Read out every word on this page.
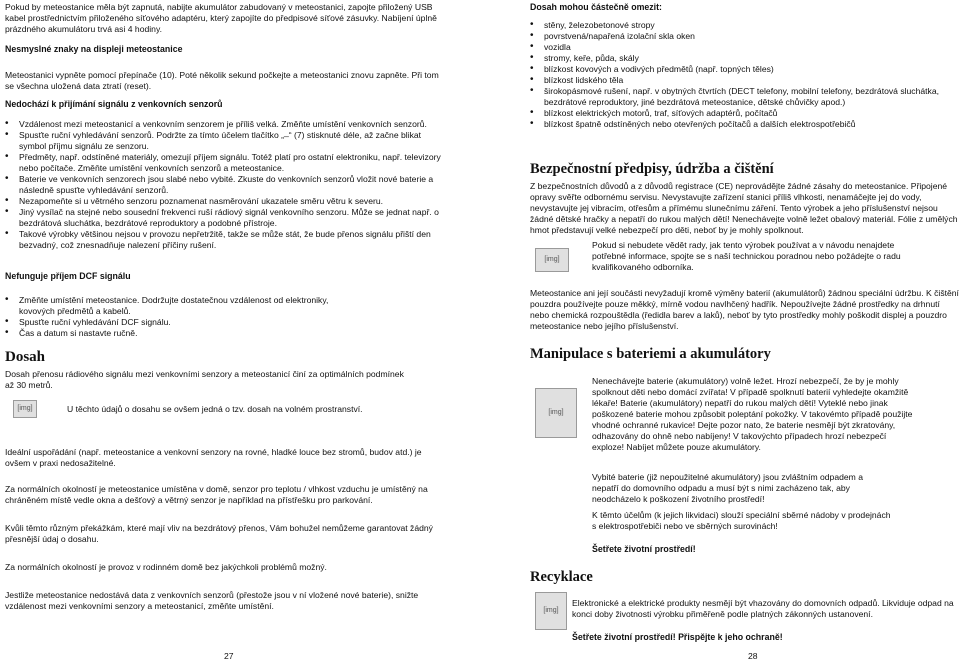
Pokud by meteostanice měla být zapnutá, nabijte akumulátor zabudovaný v meteostanici, zapojte přiložený USB kabel prostřednictvím přiloženého síťového adaptéru, který zapojíte do předpisové síťové zásuvky. Nabíjení úplně prázdného akumulátoru trvá asi 4 hodiny.

Nesmyslné znaky na displeji meteostanice

Meteostanici vypněte pomocí přepínače (10). Poté několik sekund počkejte a meteostanici znovu zapněte. Při tom se všechna uložená data ztratí (reset).

Nedochází k přijímání signálu z venkovních senzorů

• Vzdálenost mezi meteostanicí a venkovním senzorem je příliš velká. Změňte umístění venkovních senzorů.
• Spusťte ruční vyhledávání senzorů. Podržte za tímto účelem tlačítko „ ̶ “ (7) stisknuté déle, až začne blikat symbol příjmu signálu ze senzoru.
• Předměty, např. odstíněné materiály, omezují příjem signálu. Totéž platí pro ostatní elektroniku, např. televizory nebo počítače. Změňte umístění venkovních senzorů a meteostanice.
• Baterie ve venkovních senzorech jsou slabé nebo vybité. Zkuste do venkovních senzorů vložit nové baterie a následně spusťte vyhledávání senzorů.
• Nezapomeňte si u větrného senzoru poznamenat nasměrování ukazatele směru větru k severu.
• Jiný vysílač na stejné nebo sousední frekvenci ruší rádiový signál venkovního senzoru. Může se jednat např. o bezdrátová sluchátka, bezdrátové reproduktory a podobné přístroje.
• Takové výrobky většinou nejsou v provozu nepřetržitě, takže se může stát, že bude přenos signálu přiští den bezvadný, což znesnadňuje nalezení příčiny rušení.

Nefunguje příjem DCF signálu

• Změňte umístění meteostanice. Dodržujte dostatečnou vzdálenost od elektroniky, kovových předmětů a kabelů.
• Spusťte ruční vyhledávání DCF signálu.
• Čas a datum si nastavte ručně.

Dosah

Dosah přenosu rádiového signálu mezi venkovními senzory a meteostanicí činí za optimálních podmínek až 30 metrů.

[img]	U těchto údajů o dosahu se ovšem jedná o tzv. dosah na volném prostranství.

Ideální uspořádání (např. meteostanice a venkovní senzory na rovné, hladké louce bez stromů, budov atd.) je ovšem v praxi nedosažitelné.

Za normálních okolností je meteostanice umístěna v domě, senzor pro teplotu / vlhkost vzduchu je umístěný na chráněném místě vedle okna a dešťový a větrný senzor je například na přístřešku pro parkování.

Kvůli těmto různým překážkám, které mají vliv na bezdrátový přenos, Vám bohužel nemůžeme garantovat žádný přesnější údaj o dosahu.

Za normálních okolností je provoz v rodinném domě bez jakýchkoli problémů možný.

Jestliže meteostanice nedostává data z venkovních senzorů (přestože jsou v ní vložené nové baterie), snižte vzdálenost mezi venkovními senzory a meteostanicí, změňte umístění.

27

Dosah mohou částečně omezit:

• stěny, železobetonové stropy
• povrstvená/napařená izolační skla oken
• vozidla
• stromy, keře, půda, skály
• blízkost kovových a vodivých předmětů (např. topných těles)
• blízkost lidského těla
• širokopásmové rušení, např. v obytných čtvrtích (DECT telefony, mobilní telefony, bezdrátová sluchátka, bezdrátové reproduktory, jiné bezdrátová meteostanice, dětské chůvičky apod.)
• blízkost elektrických motorů, traf, síťových adaptérů, počítačů
• blízkost špatně odstíněných nebo otevřených počítačů a dalších elektrospotřebičů

Bezpečnostní předpisy, údržba a čištění

Z bezpečnostních důvodů a z důvodů registrace (CE) neprovádějte žádné zásahy do meteostanice. Připojené opravy svěřte odbornému servisu. Nevystavujte zařízení stanici příliš vlhkosti, nenamáčejte jej do vody, nevystavujte jej vibracím, otřesům a přímému slunečnímu záření. Tento výrobek a jeho příslušenství nejsou žádné dětské hračky a nepatří do rukou malých dětí! Nenechávejte volně ležet obalový materiál. Fólie z umělých hmot představují velké nebezpečí pro děti, neboť by je mohly spolknout.

[img]

Pokud si nebudete vědět rady, jak tento výrobek používat a v návodu nenajdete potřebné informace, spojte se s naší technickou poradnou nebo požádejte o radu kvalifikovaného odborníka.

Meteostanice ani její součásti nevyžadují kromě výměny baterií (akumulátorů) žádnou speciální údržbu. K čištění pouzdra používejte pouze měkký, mírně vodou navlhčený hadřík. Nepoužívejte žádné prostředky na drhnutí nebo chemická rozpouštědla (ředidla barev a laků), neboť by tyto prostředky mohly poškodit displej a pouzdro meteostanice nebo jejího příslušenství.

Manipulace s bateriemi a akumulátory

[img]

Nenechávejte baterie (akumulátory) volně ležet. Hrozí nebezpečí, že by je mohly spolknout děti nebo domácí zvířata! V případě spolknutí baterií vyhledejte okamžitě lékaře! Baterie (akumulátory) nepatří do rukou malých dětí! Vyteklé nebo jinak poškozené baterie mohou způsobit poleptání pokožky. V takovémto případě použijte vhodné ochranné rukavice! Dejte pozor nato, že baterie nesmějí být zkratovány, odhazovány do ohně nebo nabíjeny! V takovýchto případech hrozí nebezpečí exploze! Nabíjet můžete pouze akumulátory.

Vybité baterie (již nepoužitelné akumulátory) jsou zvláštním odpadem a nepatří do domovního odpadu a musí být s nimi zacházeno tak, aby neodcházelo k poškození životního prostředí!

K těmto účelům (k jejich likvidaci) slouží speciální sběrné nádoby v prodejnách s elektrospotřebiči nebo ve sběrných surovinách!

Šetřete životní prostředí!

Recyklace

[img]

Elektronické a elektrické produkty nesmějí být vhazovány do domovních odpadů. Likviduje odpad na konci doby životnosti výrobku přiměřeně podle platných zákonných ustanovení.

Šetřete životní prostředí! Přispějte k jeho ochraně!

28
